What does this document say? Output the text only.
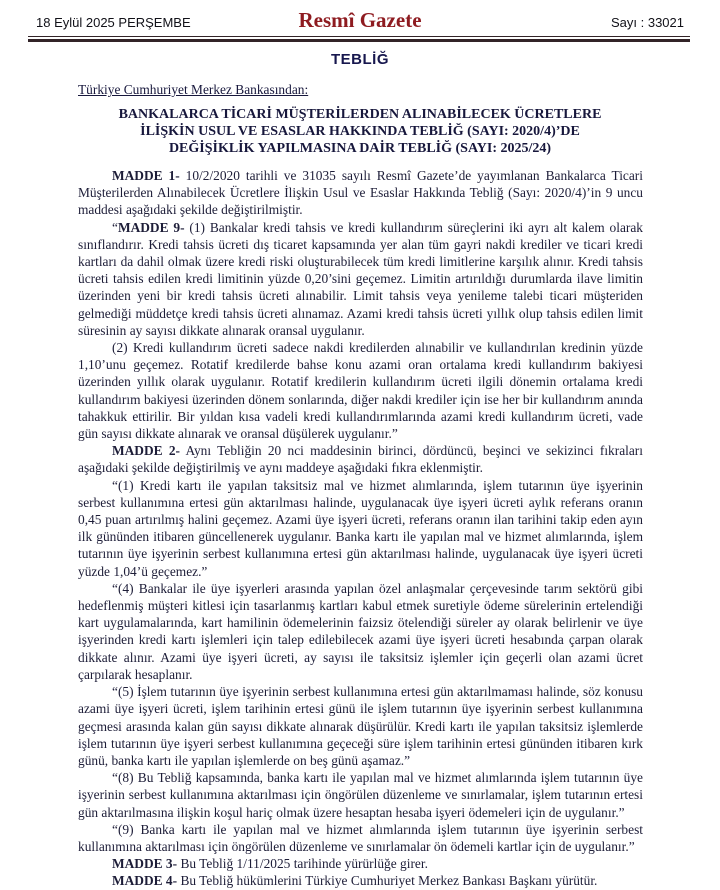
18 Eylül 2025 PERŞEMBE	Resmî Gazete	Sayı : 33021
TEBLİĞ
Türkiye Cumhuriyet Merkez Bankasından:
BANKALARCA TİCARİ MÜŞTERİLERDEN ALINABİLECEK ÜCRETLERE
İLİŞKİN USUL VE ESASLAR HAKKINDA TEBLİĞ (SAYI: 2020/4)’DE
DEĞİŞİKLİK YAPILMASINA DAİR TEBLİĞ (SAYI: 2025/24)

MADDE 1- 10/2/2020 tarihli ve 31035 sayılı Resmî Gazete’de yayımlanan Bankalarca Ticari Müşterilerden Alınabilecek Ücretlere İlişkin Usul ve Esaslar Hakkında Tebliğ (Sayı: 2020/4)’in 9 uncu maddesi aşağıdaki şekilde değiştirilmiştir.

“MADDE 9- (1) Bankalar kredi tahsis ve kredi kullandırım süreçlerini iki ayrı alt kalem olarak sınıflandırır. Kredi tahsis ücreti dış ticaret kapsamında yer alan tüm gayri nakdi krediler ve ticari kredi kartları da dahil olmak üzere kredi riski oluşturabilecek tüm kredi limitlerine karşılık alınır. Kredi tahsis ücreti tahsis edilen kredi limitinin yüzde 0,20’sini geçemez. Limitin artırıldığı durumlarda ilave limitin üzerinden yeni bir kredi tahsis ücreti alınabilir. Limit tahsis veya yenileme talebi ticari müşteriden gelmediği müddetçe kredi tahsis ücreti alınamaz. Azami kredi tahsis ücreti yıllık olup tahsis edilen limit süresinin ay sayısı dikkate alınarak oransal uygulanır.

(2) Kredi kullandırım ücreti sadece nakdi kredilerden alınabilir ve kullandırılan kredinin yüzde 1,10’unu geçemez. Rotatif kredilerde bahse konu azami oran ortalama kredi kullandırım bakiyesi üzerinden yıllık olarak uygulanır. Rotatif kredilerin kullandırım ücreti ilgili dönemin ortalama kredi kullandırım bakiyesi üzerinden dönem sonlarında, diğer nakdi krediler için ise her bir kullandırım anında tahakkuk ettirilir. Bir yıldan kısa vadeli kredi kullandırımlarında azami kredi kullandırım ücreti, vade gün sayısı dikkate alınarak ve oransal düşülerek uygulanır.”

MADDE 2- Aynı Tebliğin 20 nci maddesinin birinci, dördüncü, beşinci ve sekizinci fıkraları aşağıdaki şekilde değiştirilmiş ve aynı maddeye aşağıdaki fıkra eklenmiştir.

“(1) Kredi kartı ile yapılan taksitsiz mal ve hizmet alımlarında, işlem tutarının üye işyerinin serbest kullanımına ertesi gün aktarılması halinde, uygulanacak üye işyeri ücreti aylık referans oranın 0,45 puan artırılmış halini geçemez. Azami üye işyeri ücreti, referans oranın ilan tarihini takip eden ayın ilk gününden itibaren güncellenerek uygulanır. Banka kartı ile yapılan mal ve hizmet alımlarında, işlem tutarının üye işyerinin serbest kullanımına ertesi gün aktarılması halinde, uygulanacak üye işyeri ücreti yüzde 1,04’ü geçemez.”

“(4) Bankalar ile üye işyerleri arasında yapılan özel anlaşmalar çerçevesinde tarım sektörü gibi hedeflenmiş müşteri kitlesi için tasarlanmış kartları kabul etmek suretiyle ödeme sürelerinin ertelendiği kart uygulamalarında, kart hamilinin ödemelerinin faizsiz ötelendiği süreler ay olarak belirlenir ve üye işyerinden kredi kartı işlemleri için talep edilebilecek azami üye işyeri ücreti hesabında çarpan olarak dikkate alınır. Azami üye işyeri ücreti, ay sayısı ile taksitsiz işlemler için geçerli olan azami ücret çarpılarak hesaplanır.

“(5) İşlem tutarının üye işyerinin serbest kullanımına ertesi gün aktarılmaması halinde, söz konusu azami üye işyeri ücreti, işlem tarihinin ertesi günü ile işlem tutarının üye işyerinin serbest kullanımına geçmesi arasında kalan gün sayısı dikkate alınarak düşürülür. Kredi kartı ile yapılan taksitsiz işlemlerde işlem tutarının üye işyeri serbest kullanımına geçeceği süre işlem tarihinin ertesi gününden itibaren kırk günü, banka kartı ile yapılan işlemlerde on beş günü aşamaz.”

“(8) Bu Tebliğ kapsamında, banka kartı ile yapılan mal ve hizmet alımlarında işlem tutarının üye işyerinin serbest kullanımına aktarılması için öngörülen düzenleme ve sınırlamalar, işlem tutarının ertesi gün aktarılmasına ilişkin koşul hariç olmak üzere hesaptan hesaba işyeri ödemeleri için de uygulanır.”

“(9) Banka kartı ile yapılan mal ve hizmet alımlarında işlem tutarının üye işyerinin serbest kullanımına aktarılması için öngörülen düzenleme ve sınırlamalar ön ödemeli kartlar için de uygulanır.”

MADDE 3- Bu Tebliğ 1/11/2025 tarihinde yürürlüğe girer.

MADDE 4- Bu Tebliğ hükümlerini Türkiye Cumhuriyet Merkez Bankası Başkanı yürütür.
